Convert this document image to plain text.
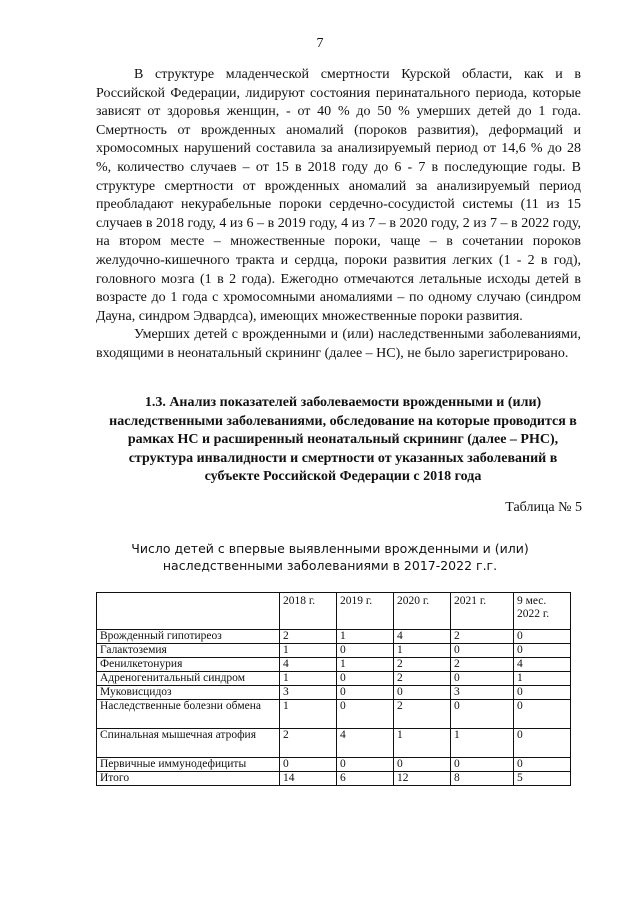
7

В структуре младенческой смертности Курской области, как и в Российской Федерации, лидируют состояния перинатального периода, которые зависят от здоровья женщин, - от 40 % до 50 % умерших детей до 1 года. Смертность от врожденных аномалий (пороков развития), деформаций и хромосомных нарушений составила за анализируемый период от 14,6 % до 28 %, количество случаев – от 15 в 2018 году до 6 - 7 в последующие годы. В структуре смертности от врожденных аномалий за анализируемый период преобладают некурабельные пороки сердечно-сосудистой системы (11 из 15 случаев в 2018 году, 4 из 6 – в 2019 году, 4 из 7 – в 2020 году, 2 из 7 – в 2022 году, на втором месте – множественные пороки, чаще – в сочетании пороков желудочно-кишечного тракта и сердца, пороки развития легких (1 - 2 в год), головного мозга (1 в 2 года). Ежегодно отмечаются летальные исходы детей в возрасте до 1 года с хромосомными аномалиями – по одному случаю (синдром Дауна, синдром Эдвардса), имеющих множественные пороки развития.

Умерших детей с врожденными и (или) наследственными заболеваниями, входящими в неонатальный скрининг (далее – НС), не было зарегистрировано.

1.3. Анализ показателей заболеваемости врожденными и (или) наследственными заболеваниями, обследование на которые проводится в рамках НС и расширенный неонатальный скрининг (далее – РНС), структура инвалидности и смертности от указанных заболеваний в субъекте Российской Федерации с 2018 года

Таблица № 5

Число детей с впервые выявленными врожденными и (или) наследственными заболеваниями в 2017-2022 г.г.

	2018 г.	2019 г.	2020 г.	2021 г.	9 мес. 2022 г.
Врожденный гипотиреоз	2	1	4	2	0
Галактоземия	1	0	1	0	0
Фенилкетонурия	4	1	2	2	4
Адреногенитальный синдром	1	0	2	0	1
Муковисцидоз	3	0	0	3	0
Наследственные болезни обмена	1	0	2	0	0
Спинальная мышечная атрофия	2	4	1	1	0
Первичные иммунодефициты	0	0	0	0	0
Итого	14	6	12	8	5
